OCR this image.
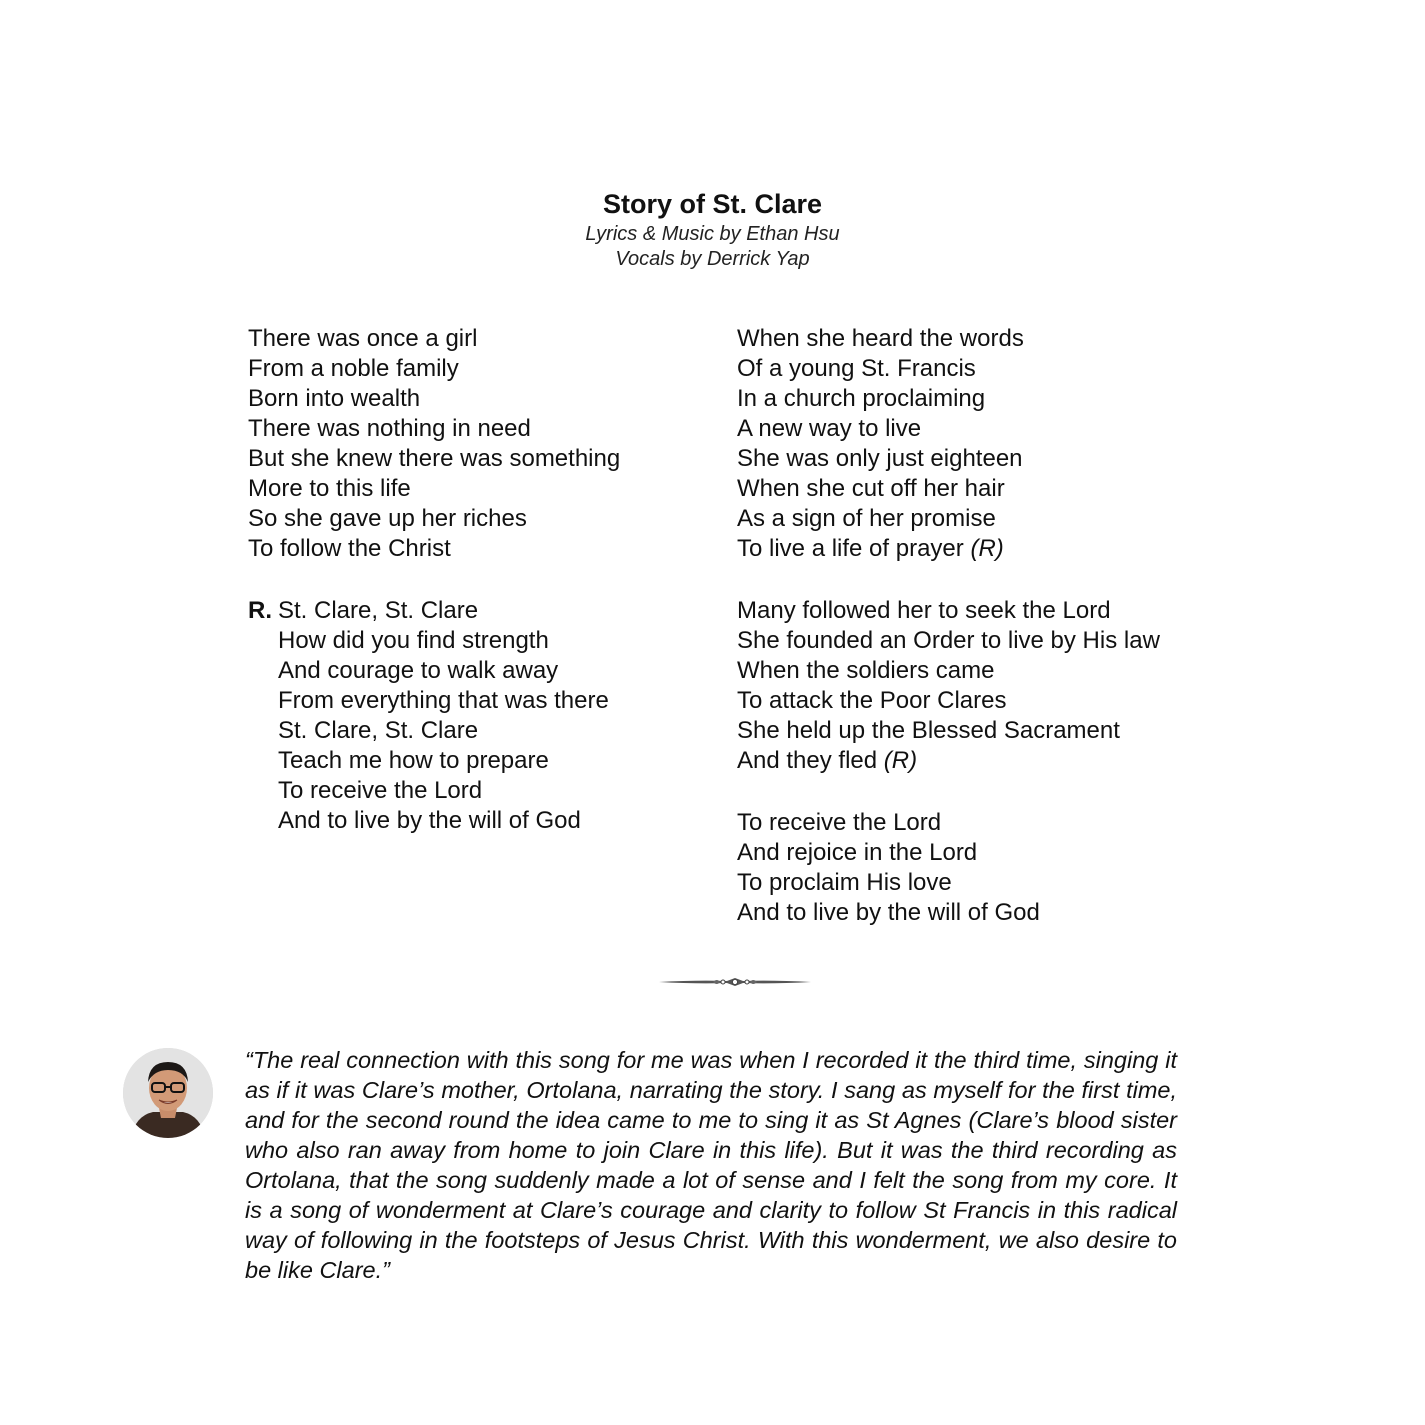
Story of St. Clare
Lyrics & Music by Ethan Hsu
Vocals by Derrick Yap
There was once a girl
From a noble family
Born into wealth
There was nothing in need
But she knew there was something
More to this life
So she gave up her riches
To follow the Christ
R. St. Clare, St. Clare
How did you find strength
And courage to walk away
From everything that was there
St. Clare, St. Clare
Teach me how to prepare
To receive the Lord
And to live by the will of God
When she heard the words
Of a young St. Francis
In a church proclaiming
A new way to live
She was only just eighteen
When she cut off her hair
As a sign of her promise
To live a life of prayer (R)
Many followed her to seek the Lord
She founded an Order to live by His law
When the soldiers came
To attack the Poor Clares
She held up the Blessed Sacrament
And they fled (R)
To receive the Lord
And rejoice in the Lord
To proclaim His love
And to live by the will of God
“The real connection with this song for me was when I recorded it the third time, singing it as if it was Clare’s mother, Ortolana, narrating the story. I sang as myself for the first time, and for the second round the idea came to me to sing it as St Agnes (Clare’s blood sister who also ran away from home to join Clare in this life). But it was the third recording as Ortolana, that the song suddenly made a lot of sense and I felt the song from my core. It is a song of wonderment at Clare’s courage and clarity to follow St Francis in this radical way of following in the footsteps of Jesus Christ. With this wonderment, we also desire to be like Clare.”
